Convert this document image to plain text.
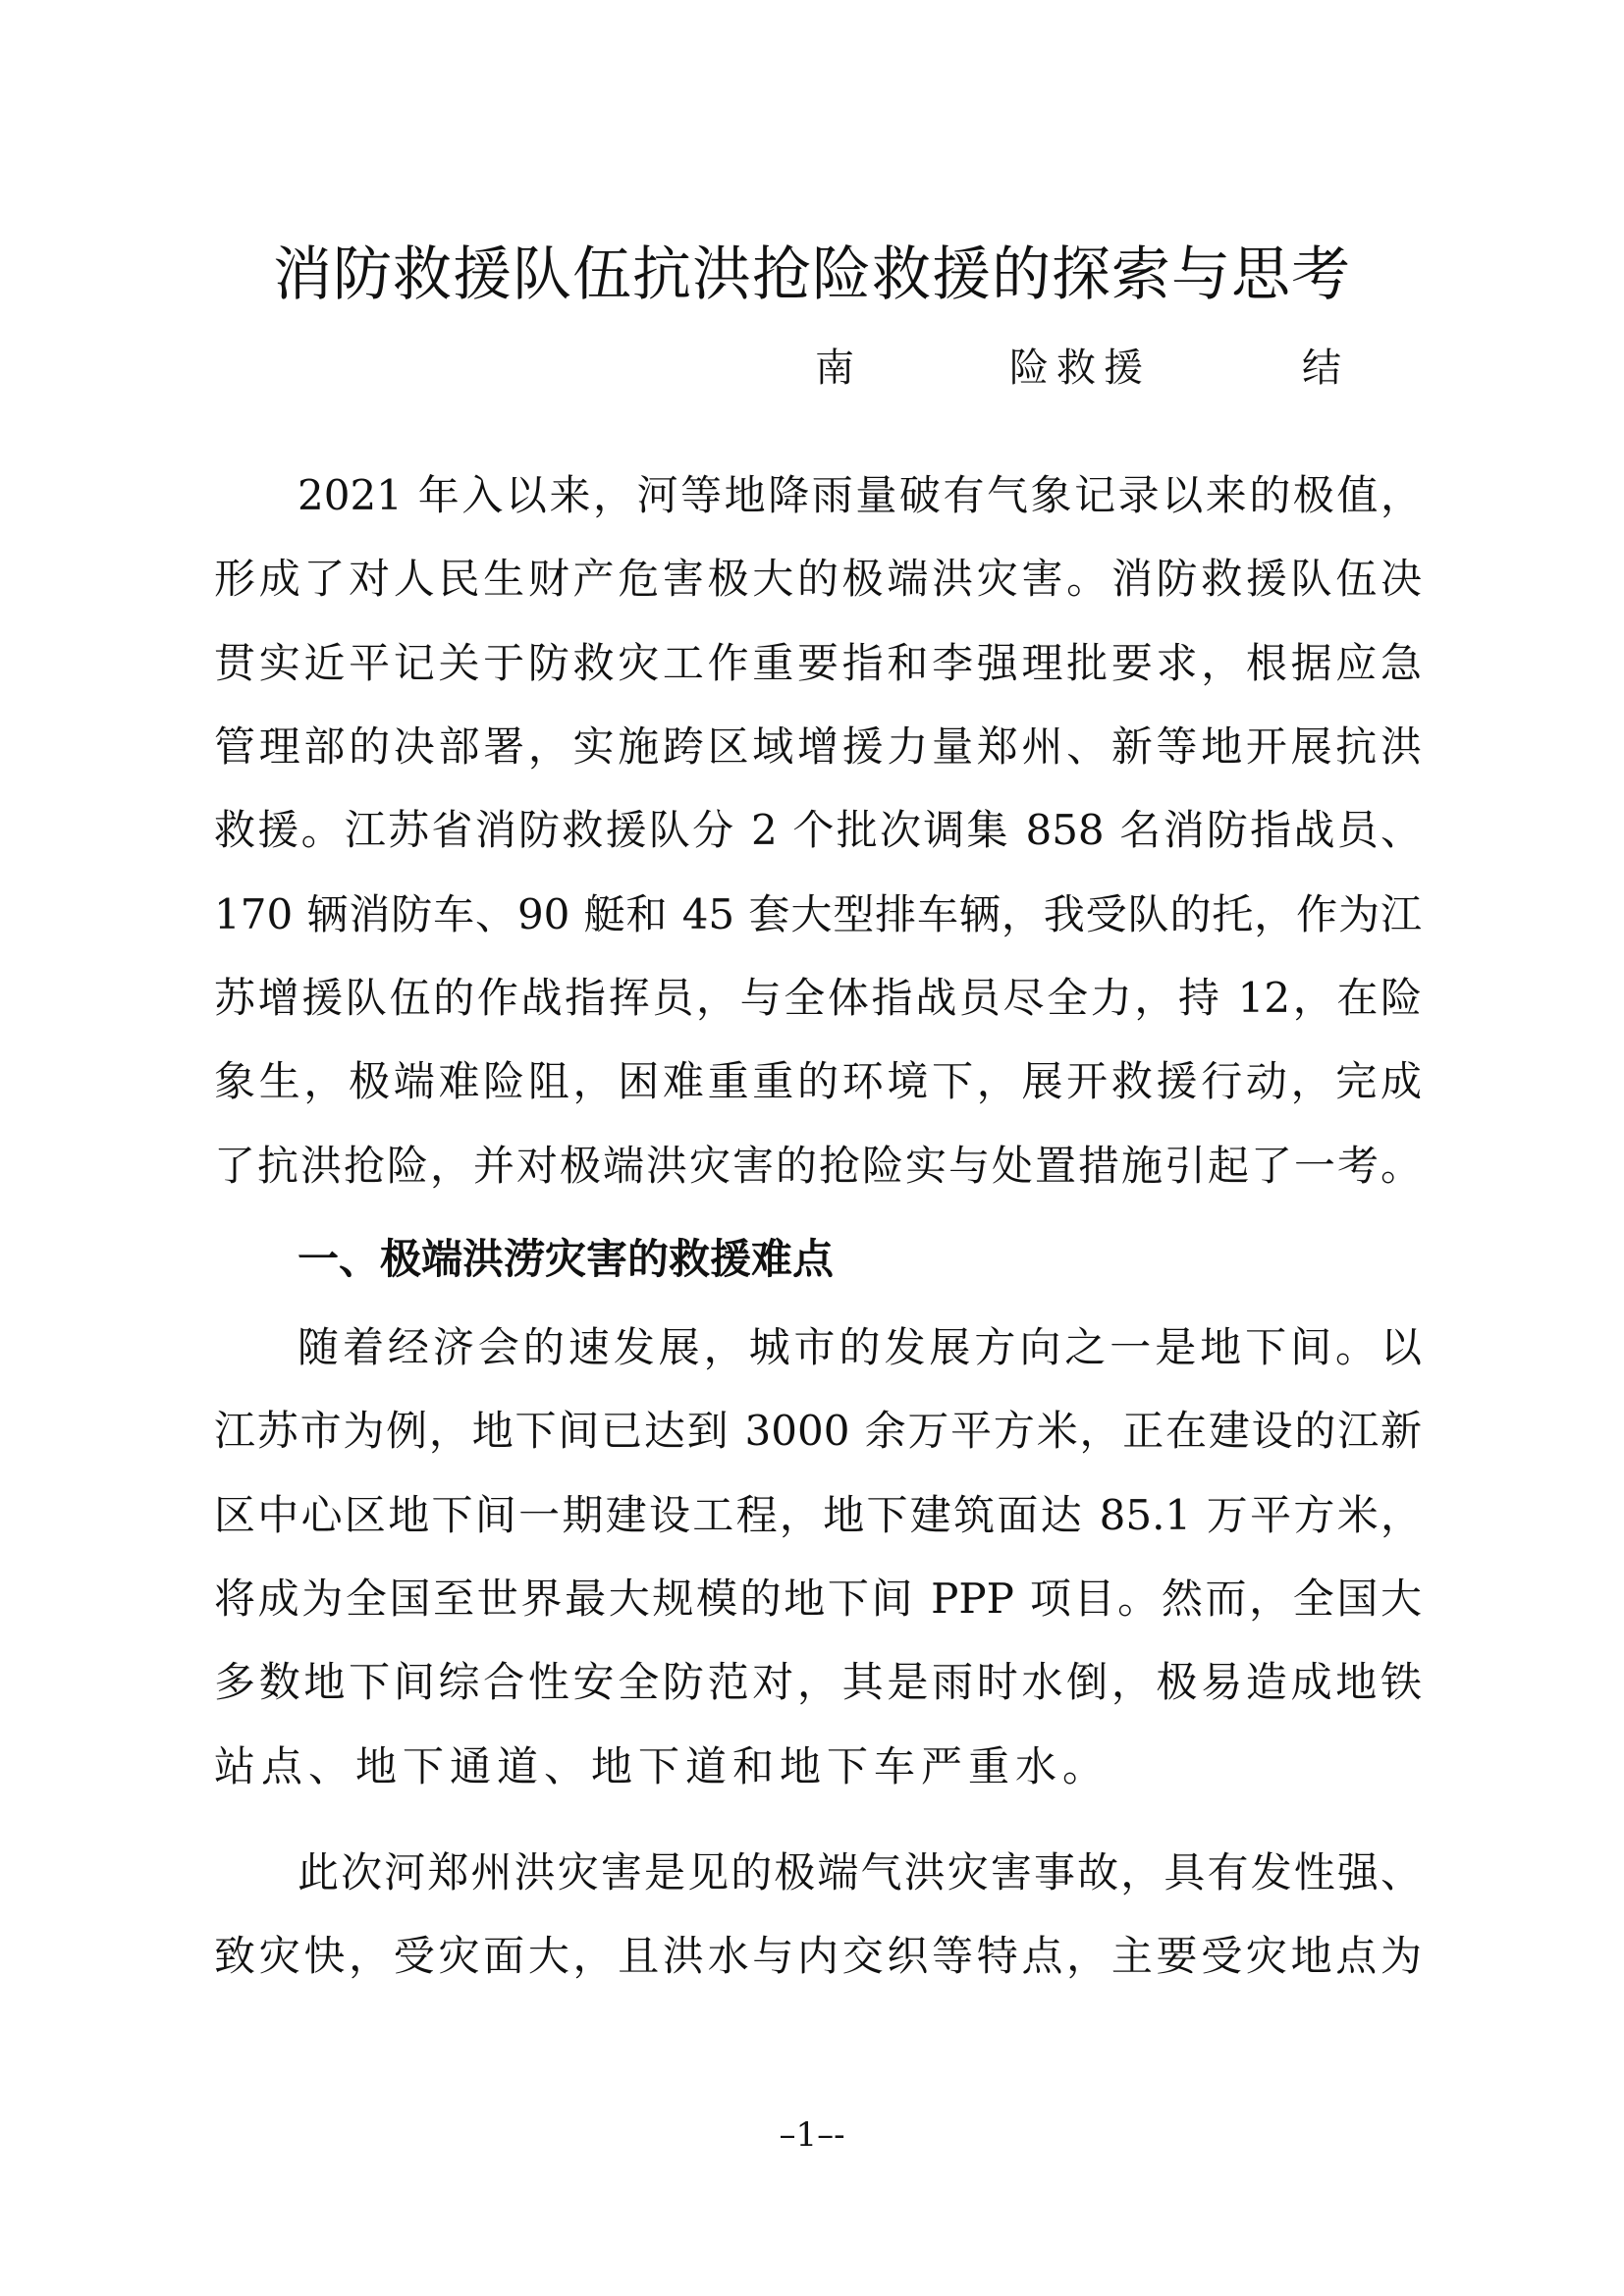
消防救援队伍抗洪抢险救援的探索与思考
南	险救援	结
2021 年入以来，河等地降雨量破有气象记录以来的极值，
形成了对人民生财产危害极大的极端洪灾害。消防救援队伍决
贯实近平记关于防救灾工作重要指和李强理批要求，根据应急
管理部的决部署，实施跨区域增援力量郑州、新等地开展抗洪
救援。江苏省消防救援队分 2 个批次调集 858 名消防指战员、
170 辆消防车、90 艇和 45 套大型排车辆，我受队的托，作为江
苏增援队伍的作战指挥员，与全体指战员尽全力，持 12，在险
象生，极端难险阻，困难重重的环境下，展开救援行动，完成
了抗洪抢险，并对极端洪灾害的抢险实与处置措施引起了一考。
一、极端洪涝灾害的救援难点
随着经济会的速发展，城市的发展方向之一是地下间。以
江苏市为例，地下间已达到 3000 余万平方米，正在建设的江新
区中心区地下间一期建设工程，地下建筑面达 85.1 万平方米，
将成为全国至世界最大规模的地下间 PPP 项目。然而，全国大
多数地下间综合性安全防范对，其是雨时水倒，极易造成地铁
站点、地下通道、地下道和地下车严重水。
此次河郑州洪灾害是见的极端气洪灾害事故，具有发性强、
致灾快，受灾面大，且洪水与内交织等特点，主要受灾地点为
–1–-
